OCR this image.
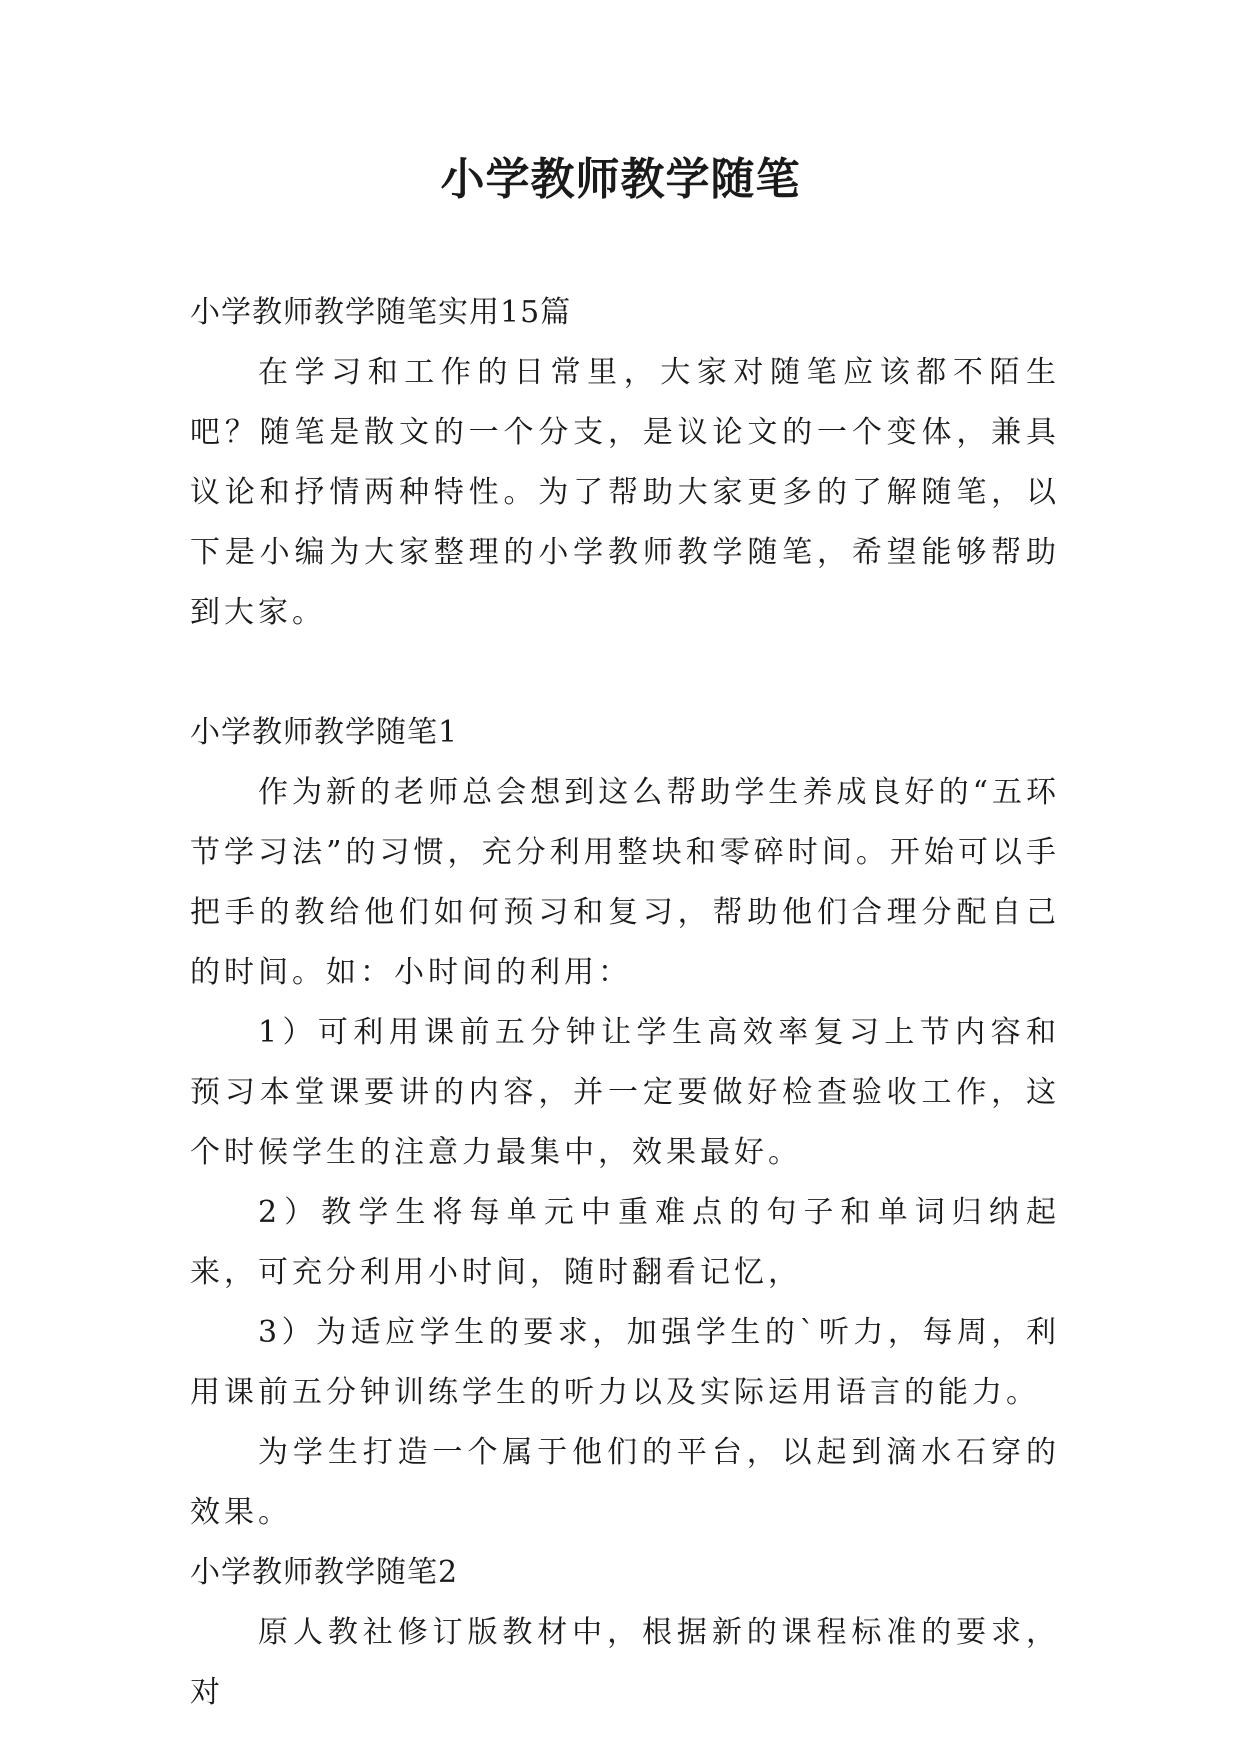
小学教师教学随笔

小学教师教学随笔实用15篇

在学习和工作的日常里，大家对随笔应该都不陌生吧？随笔是散文的一个分支，是议论文的一个变体，兼具议论和抒情两种特性。为了帮助大家更多的了解随笔，以下是小编为大家整理的小学教师教学随笔，希望能够帮助到大家。

小学教师教学随笔1

作为新的老师总会想到这么帮助学生养成良好的“五环节学习法”的习惯，充分利用整块和零碎时间。开始可以手把手的教给他们如何预习和复习，帮助他们合理分配自己的时间。如：小时间的利用：

1）可利用课前五分钟让学生高效率复习上节内容和预习本堂课要讲的内容，并一定要做好检查验收工作，这个时候学生的注意力最集中，效果最好。

2）教学生将每单元中重难点的句子和单词归纳起来，可充分利用小时间，随时翻看记忆，

3）为适应学生的要求，加强学生的`听力，每周，利用课前五分钟训练学生的听力以及实际运用语言的能力。

为学生打造一个属于他们的平台，以起到滴水石穿的效果。

小学教师教学随笔2

原人教社修订版教材中，根据新的课程标准的要求，对
